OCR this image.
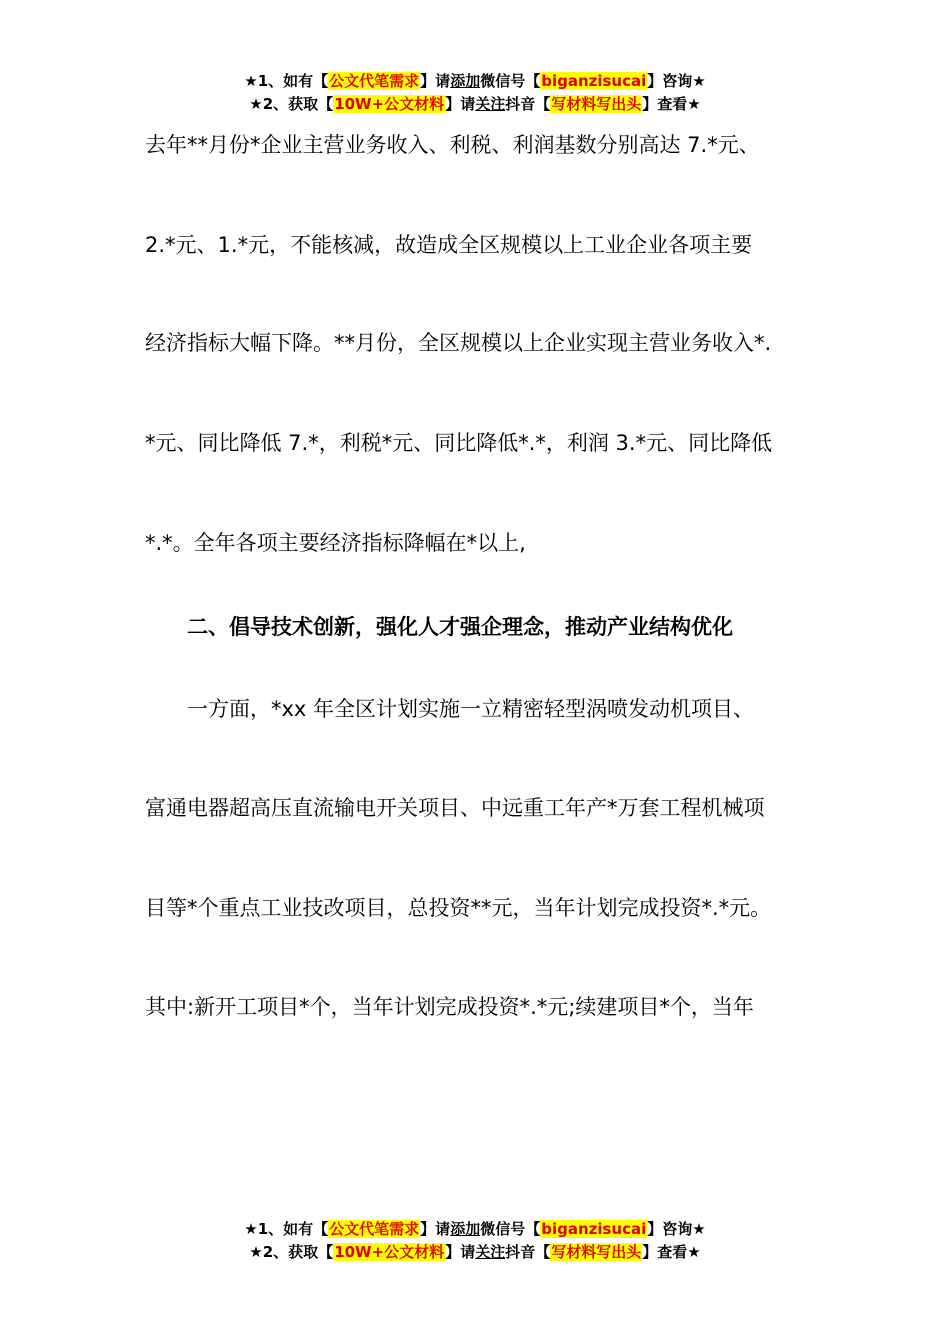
★1、如有【公文代笔需求】请添加微信号【biganzisucai】咨询★
★2、获取【10W+公文材料】请关注抖音【写材料写出头】查看★
去年**月份*企业主营业务收入、利税、利润基数分别高达 7.*元、
2.*元、1.*元，不能核减，故造成全区规模以上工业企业各项主要
经济指标大幅下降。**月份，全区规模以上企业实现主营业务收入*.
*元、同比降低 7.*，利税*元、同比降低*.*，利润 3.*元、同比降低
*.*。全年各项主要经济指标降幅在*以上,
二、倡导技术创新，强化人才强企理念，推动产业结构优化
一方面，*xx 年全区计划实施一立精密轻型涡喷发动机项目、
富通电器超高压直流输电开关项目、中远重工年产*万套工程机械项
目等*个重点工业技改项目，总投资**元，当年计划完成投资*.*元。
其中:新开工项目*个，当年计划完成投资*.*元;续建项目*个，当年
★1、如有【公文代笔需求】请添加微信号【biganzisucai】咨询★
★2、获取【10W+公文材料】请关注抖音【写材料写出头】查看★
